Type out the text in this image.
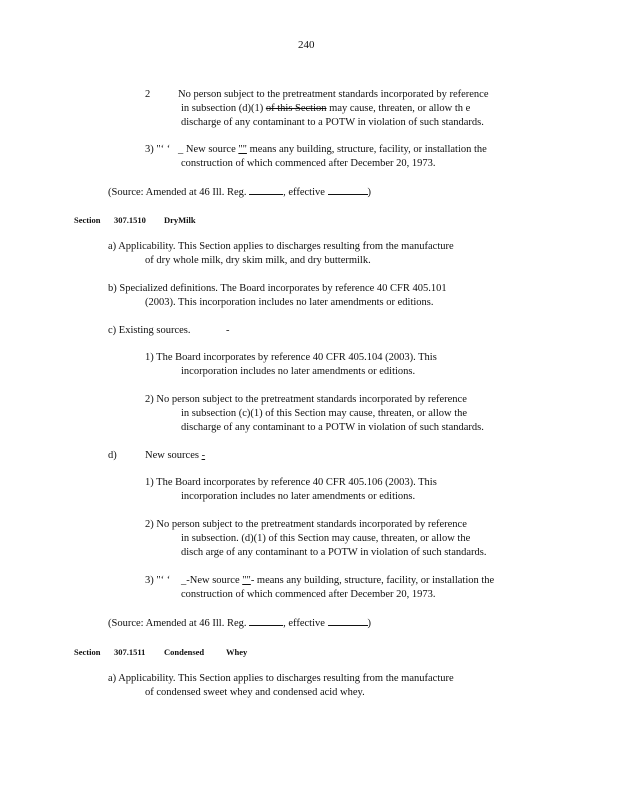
240
2	No person subject to the pretreatment standards incorporated by reference
in subsection (d)(1) of this Section may cause, threaten, or allow th e
discharge of any contaminant to a POTW in violation of such standards.
3) "‘ ‘ _ New source "" means any building, structure, facility, or installation the
construction of which commenced after December 20, 1973.
(Source: Amended at 46 Ill. Reg.	, effective	)
Section 307.1510 DryMilk
a) Applicability. This Section applies to discharges resulting from the manufacture
of dry whole milk, dry skim milk, and dry buttermilk.
b) Specialized definitions. The Board incorporates by reference 40 CFR 405.101
(2003). This incorporation includes no later amendments or editions.
c) Existing sources.	-
1) The Board incorporates by reference 40 CFR 405.104 (2003). This
incorporation includes no later amendments or editions.
2) No person subject to the pretreatment standards incorporated by reference
in subsection (c)(1) of this Section may cause, threaten, or allow the
discharge of any contaminant to a POTW in violation of such standards.
d)	New sources -
1) The Board incorporates by reference 40 CFR 405.106 (2003). This
incorporation includes no later amendments or editions.
2) No person subject to the pretreatment standards incorporated by reference
in subsection. (d)(1) of this Section may cause, threaten, or allow the
disch arge of any contaminant to a POTW in violation of such standards.
3) "‘ ‘ _-New source ""- means any building, structure, facility, or installation the
construction of which commenced after December 20, 1973.
(Source: Amended at 46 Ill. Reg.	, effective	)
Section 307.1511 Condensed	Whey
a) Applicability. This Section applies to discharges resulting from the manufacture
of condensed sweet whey and condensed acid whey.
